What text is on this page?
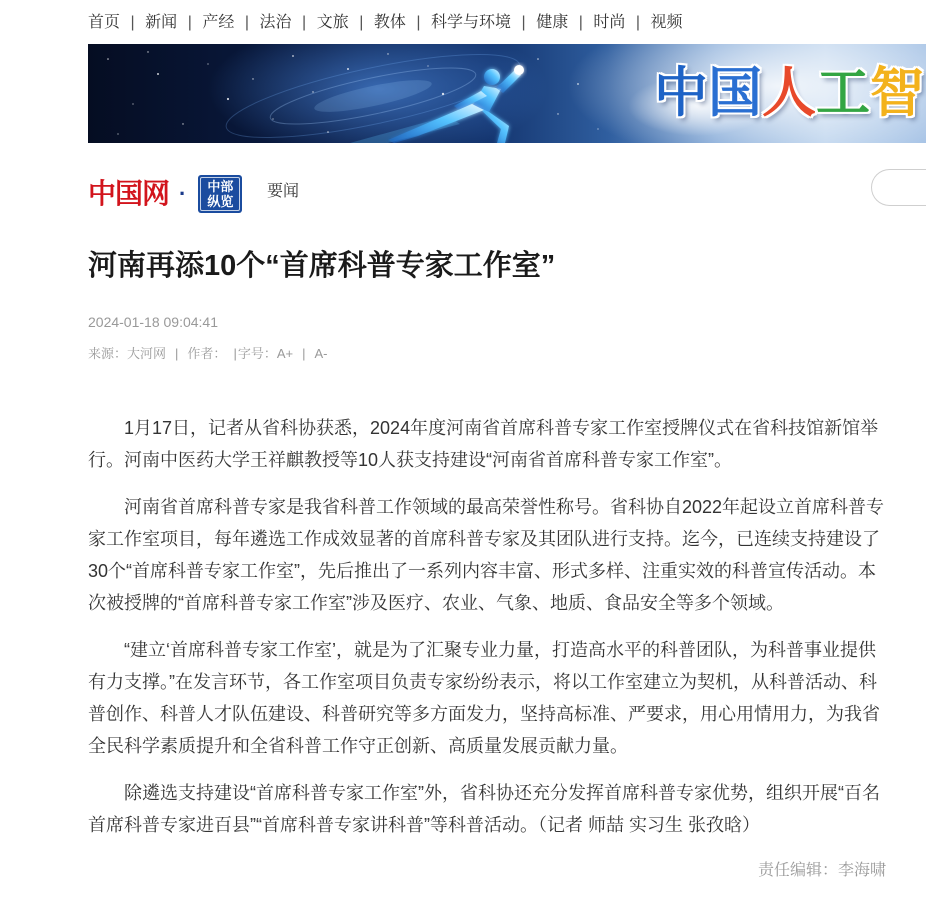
首页 | 新闻 | 产经 | 法治 | 文旅 | 教体 | 科学与环境 | 健康 | 时尚 | 视频
中 国 人 工 智
中国网 · 中部
纵览
要闻
河南再添10个“首席科普专家工作室”
2024-01-18 09:04:41
来源： 大河网 | 作者： | 字号： A+ | A-

1月17日，记者从省科协获悉，2024年度河南省首席科普专家工作室授牌仪式在省科技馆新馆举行。河南中医药大学王祥麒教授等10人获支持建设“河南省首席科普专家工作室”。

河南省首席科普专家是我省科普工作领域的最高荣誉性称号。省科协自2022年起设立首席科普专家工作室项目，每年遴选工作成效显著的首席科普专家及其团队进行支持。迄今，已连续支持建设了30个“首席科普专家工作室”，先后推出了一系列内容丰富、形式多样、注重实效的科普宣传活动。本次被授牌的“首席科普专家工作室”涉及医疗、农业、气象、地质、食品安全等多个领域。

“建立‘首席科普专家工作室’，就是为了汇聚专业力量，打造高水平的科普团队，为科普事业提供有力支撑。”在发言环节，各工作室项目负责专家纷纷表示，将以工作室建立为契机，从科普活动、科普创作、科普人才队伍建设、科普研究等多方面发力，坚持高标准、严要求，用心用情用力，为我省全民科学素质提升和全省科普工作守正创新、高质量发展贡献力量。

除遴选支持建设“首席科普专家工作室”外，省科协还充分发挥首席科普专家优势，组织开展“百名首席科普专家进百县”“首席科普专家讲科普”等科普活动。（记者 师喆 实习生 张孜晗）

责任编辑：李海啸
